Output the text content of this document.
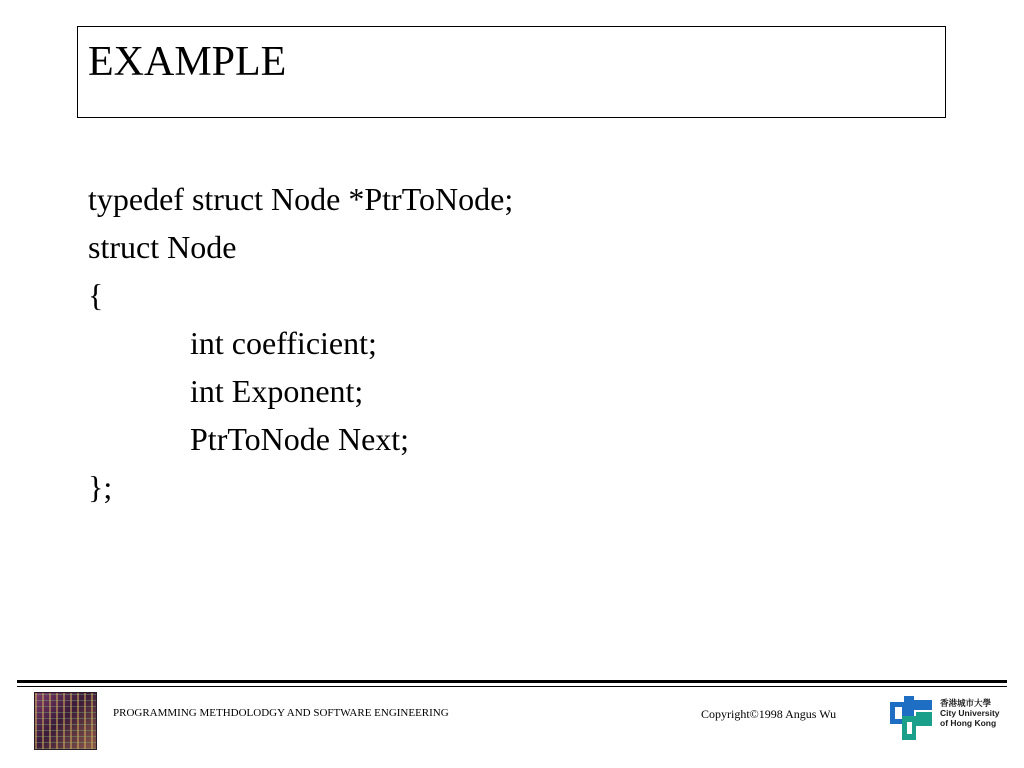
EXAMPLE
typedef struct Node *PtrToNode;
struct Node
{
int coefficient;
int Exponent;
PtrToNode Next;
};
PROGRAMMING METHDOLODGY AND SOFTWARE ENGINEERING	Copyright©1998 Angus Wu
香港城市大學
City University
of Hong Kong
